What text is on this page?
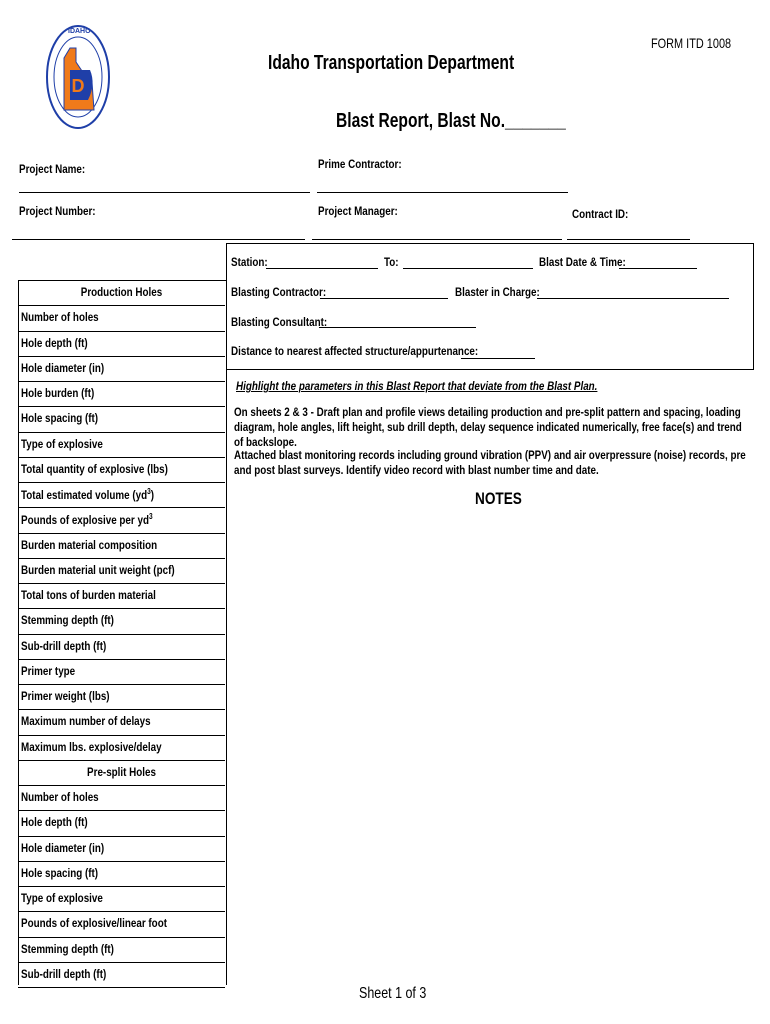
D
IDAHO
FORM ITD 1008
Idaho Transportation Department
Blast Report, Blast No._______
Project Name:	Prime Contractor:
Project Number:	Project Manager:	Contract ID:
Station:	To:	Blast Date & Time:
Blasting Contractor:	Blaster in Charge:
Blasting Consultant:
Distance to nearest affected structure/appurtenance:
Highlight the parameters in this Blast Report that deviate from the Blast Plan.
On sheets 2 & 3 - Draft plan and profile views detailing production and pre-split pattern and spacing, loading diagram, hole angles, lift height, sub drill depth, delay sequence indicated numerically, free face(s) and trend of backslope.
Attached blast monitoring records including ground vibration (PPV) and air overpressure (noise) records, pre and post blast surveys. Identify video record with blast number time and date.
NOTES
Production Holes
Number of holes
Hole depth (ft)
Hole diameter (in)
Hole burden (ft)
Hole spacing (ft)
Type of explosive
Total quantity of explosive (lbs)
Total estimated volume $(yd^3)$
Pounds of explosive per $yd^3$
Burden material composition
Burden material unit weight (pcf)
Total tons of burden material
Stemming depth (ft)
Sub-drill depth (ft)
Primer type
Primer weight (lbs)
Maximum number of delays
Maximum lbs. explosive/delay
Pre-split Holes
Number of holes
Hole depth (ft)
Hole diameter (in)
Hole spacing (ft)
Type of explosive
Pounds of explosive/linear foot
Stemming depth (ft)
Sub-drill depth (ft)
Sheet 1 of 3
